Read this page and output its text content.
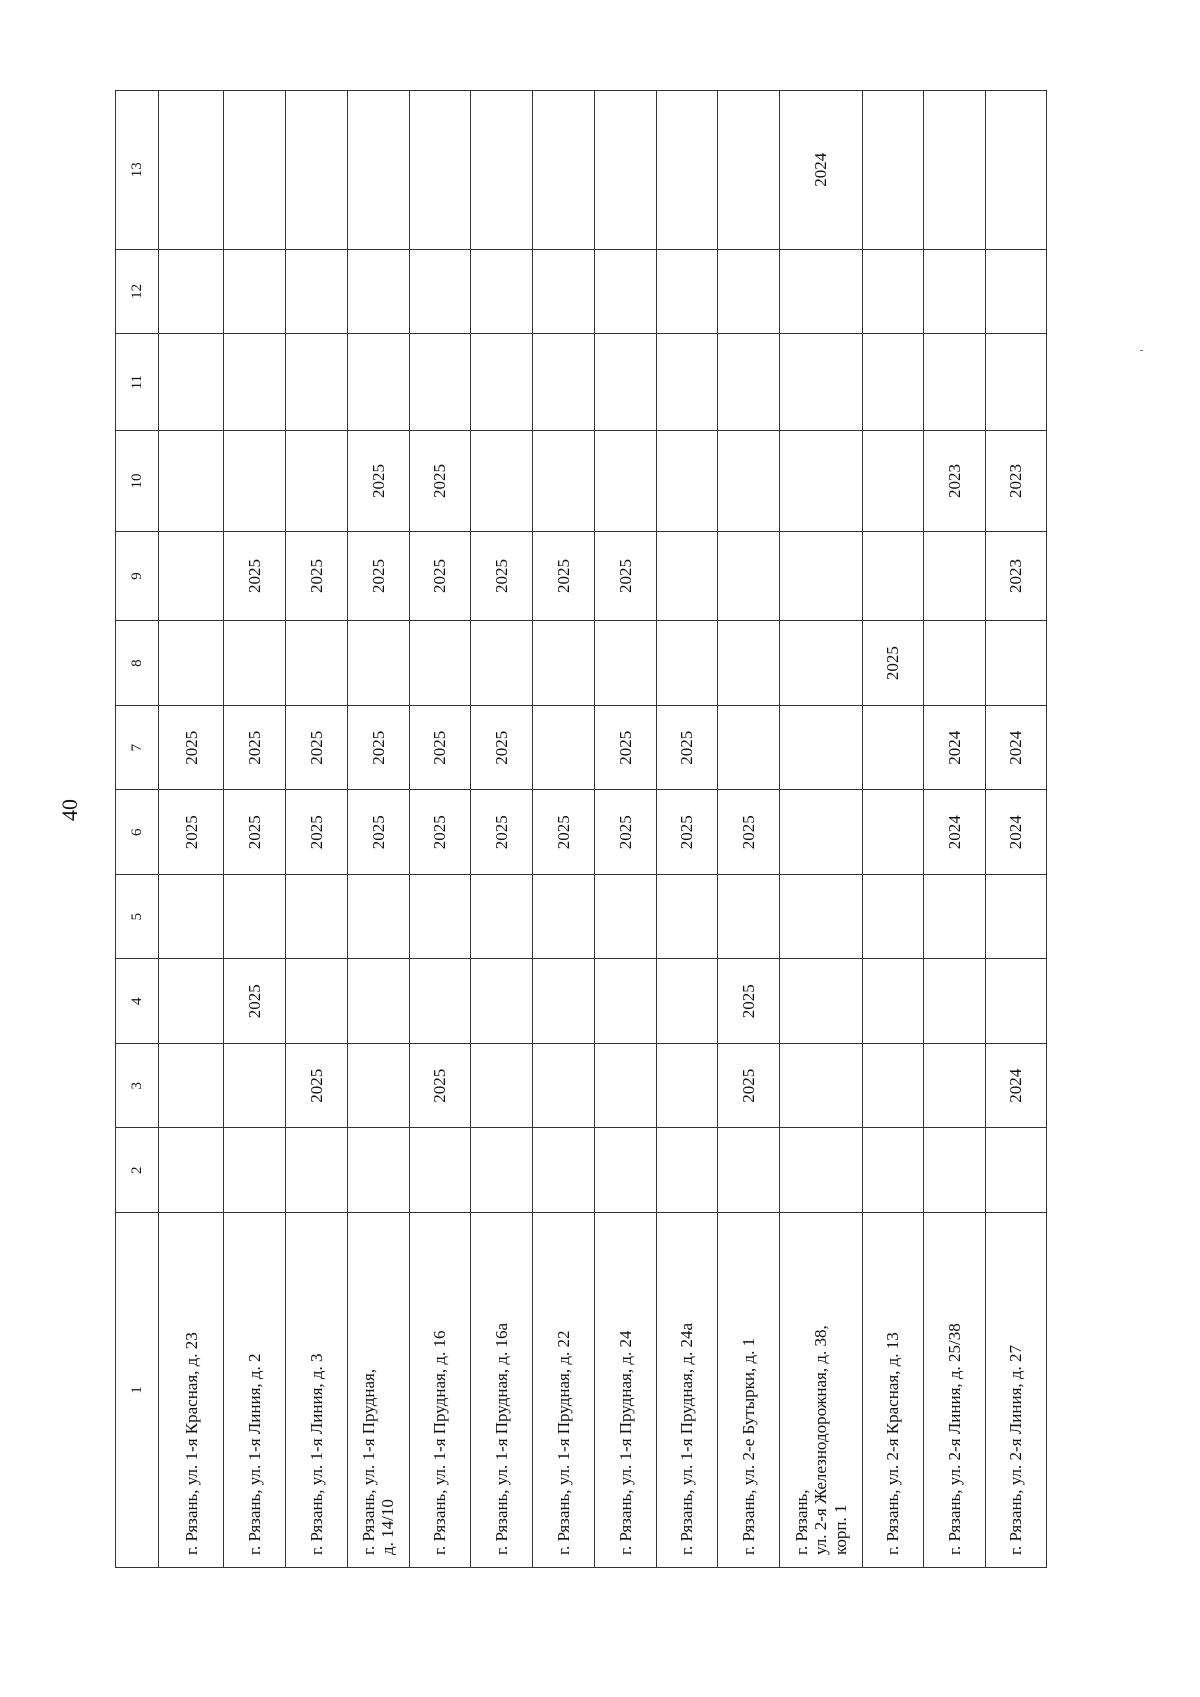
40
1	2	3	4	5	6	7	8	9	10	11	12	13
г. Рязань, ул. 1-я Красная, д. 23					2025	2025						
г. Рязань, ул. 1-я Линия, д. 2			2025		2025	2025		2025				
г. Рязань, ул. 1-я Линия, д. 3		2025			2025	2025		2025				
г. Рязань, ул. 1-я Прудная,
д. 14/10					2025	2025		2025	2025			
г. Рязань, ул. 1-я Прудная, д. 16		2025			2025	2025		2025	2025			
г. Рязань, ул. 1-я Прудная, д. 16а					2025	2025		2025				
г. Рязань, ул. 1-я Прудная, д. 22					2025			2025				
г. Рязань, ул. 1-я Прудная, д. 24					2025	2025		2025				
г. Рязань, ул. 1-я Прудная, д. 24а					2025	2025						
г. Рязань, ул. 2-е Бутырки, д. 1		2025	2025		2025							
г. Рязань,
ул. 2-я Железнодорожная, д. 38,
корп. 1												2024
г. Рязань, ул. 2-я Красная, д. 13							2025					
г. Рязань, ул. 2-я Линия, д. 25/38					2024	2024			2023			
г. Рязань, ул. 2-я Линия, д. 27		2024			2024	2024		2023	2023			
